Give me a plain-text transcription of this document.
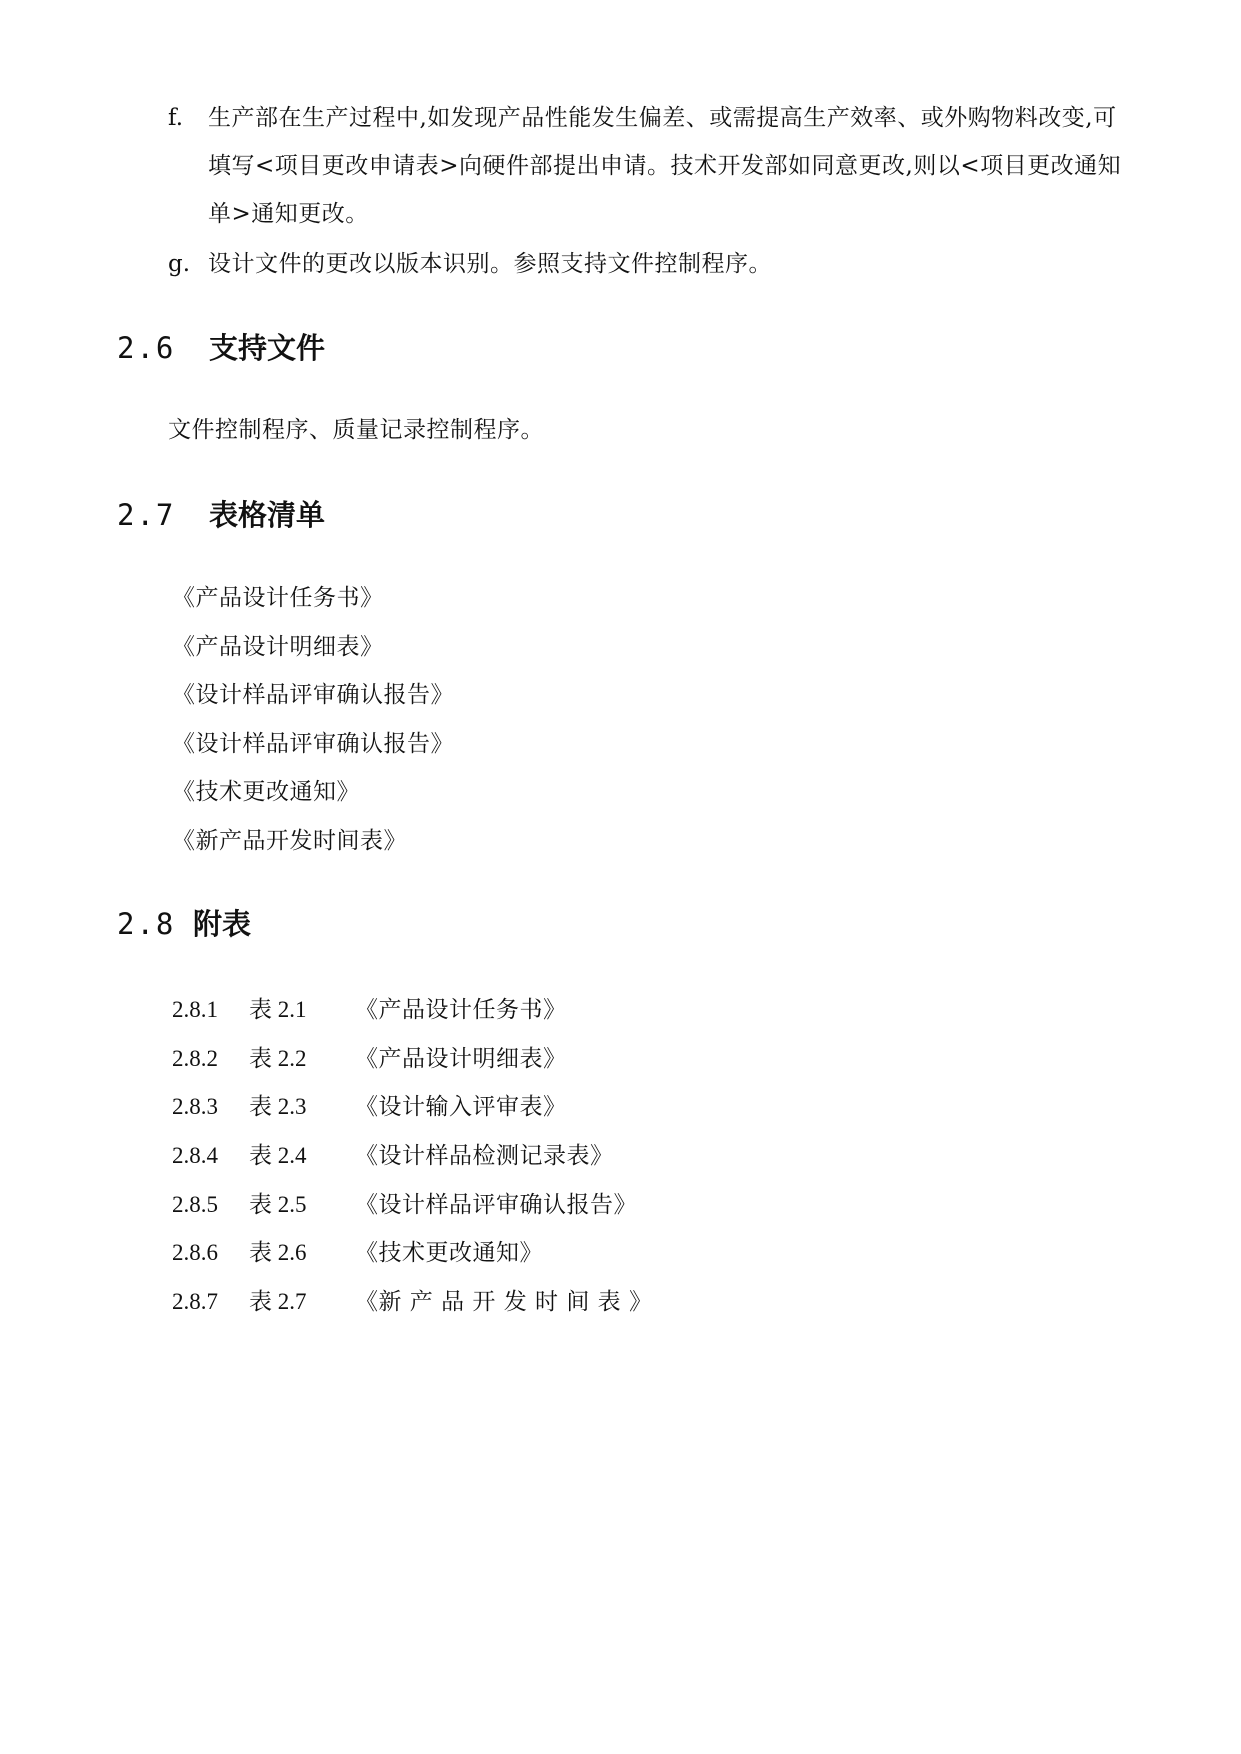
f. 生产部在生产过程中,如发现产品性能发生偏差、或需提高生产效率、或外购物料改变,可填写<项目更改申请表>向硬件部提出申请。技术开发部如同意更改,则以<项目更改通知单>通知更改。
g. 设计文件的更改以版本识别。参照支持文件控制程序。
2.6 支持文件
文件控制程序、质量记录控制程序。
2.7 表格清单
《产品设计任务书》
《产品设计明细表》
《设计样品评审确认报告》
《设计样品评审确认报告》
《技术更改通知》
《新产品开发时间表》
2.8 附表
2.8.1 表 2.1 《产品设计任务书》
2.8.2 表 2.2 《产品设计明细表》
2.8.3 表 2.3 《设计输入评审表》
2.8.4 表 2.4 《设计样品检测记录表》
2.8.5 表 2.5 《设计样品评审确认报告》
2.8.6 表 2.6 《技术更改通知》
2.8.7 表 2.7 《新 产 品 开 发 时 间 表 》
